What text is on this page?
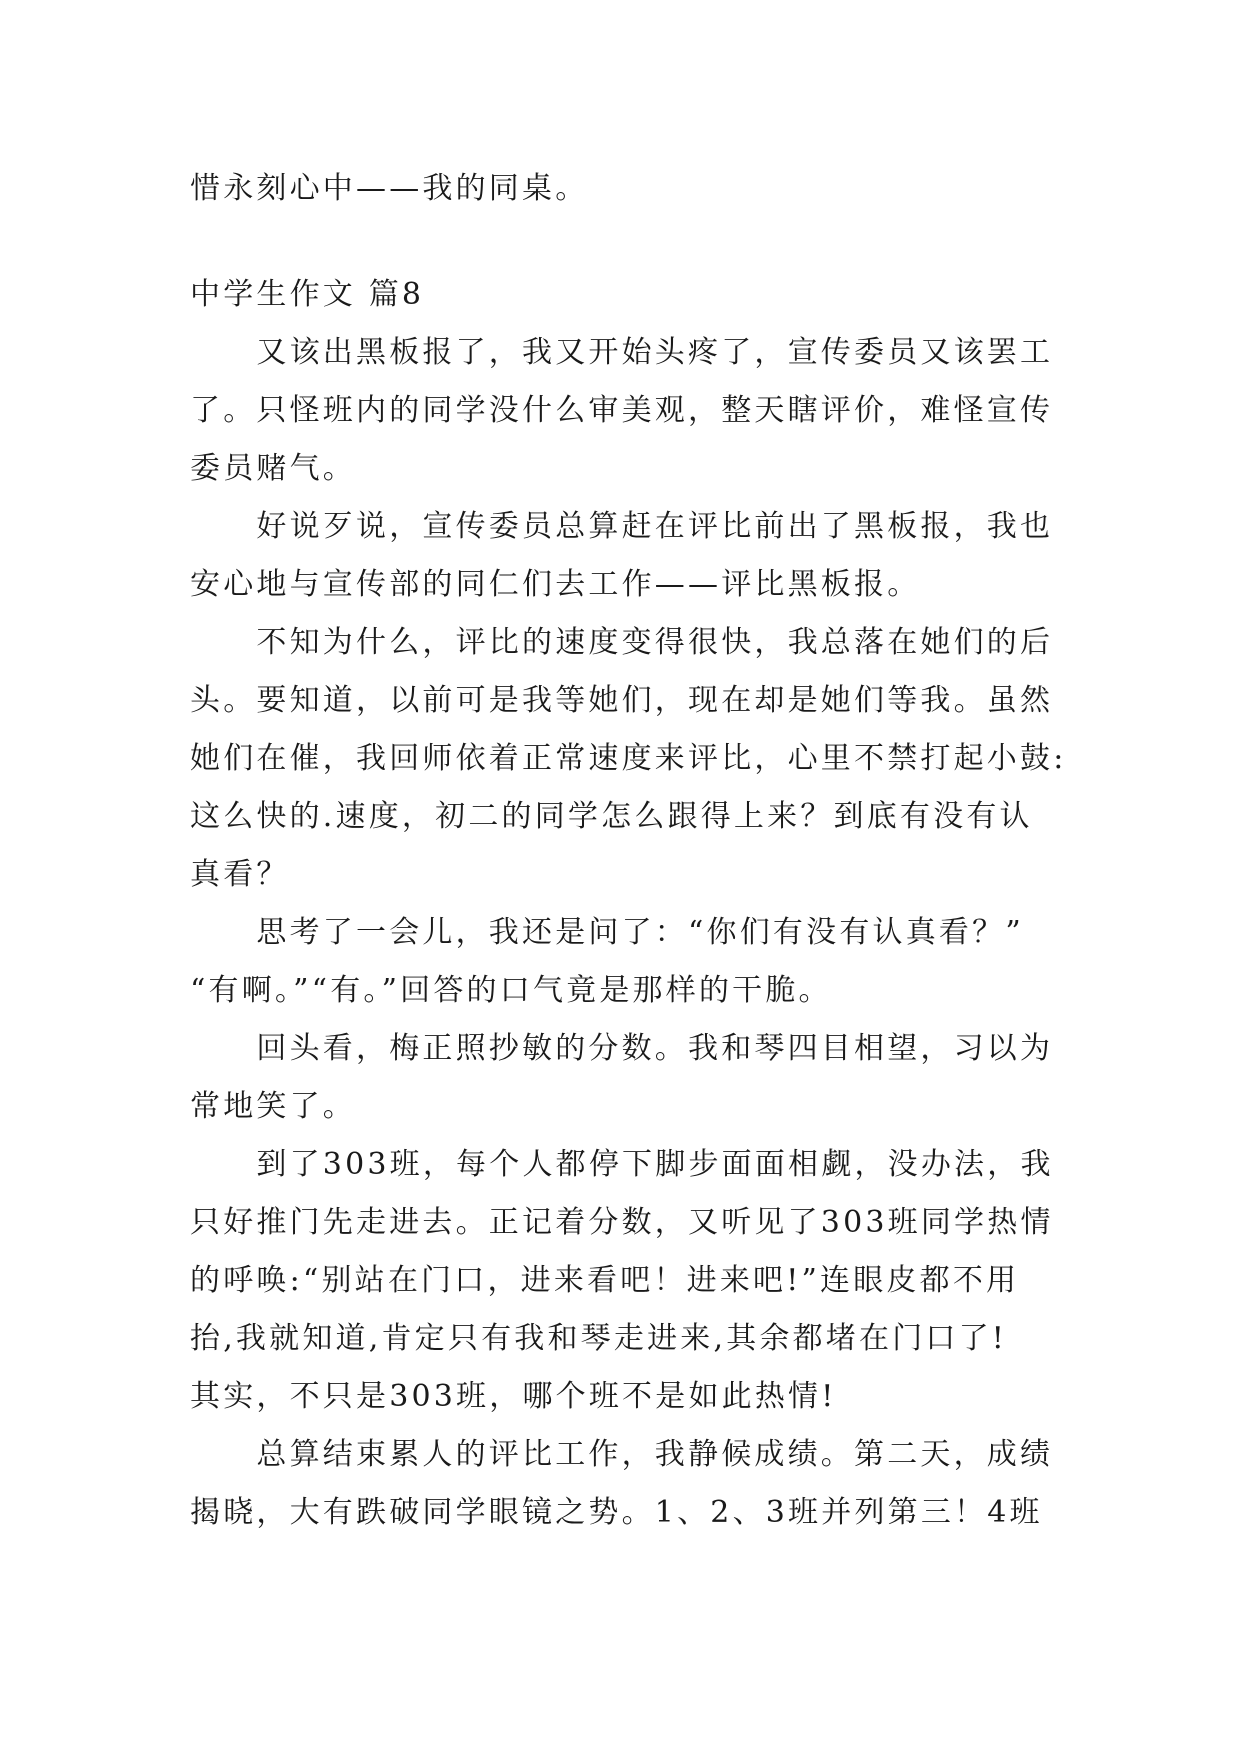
惜永刻心中——我的同桌。
中学生作文 篇8
　　又该出黑板报了，我又开始头疼了，宣传委员又该罢工
了。只怪班内的同学没什么审美观，整天瞎评价，难怪宣传
委员赌气。
　　好说歹说，宣传委员总算赶在评比前出了黑板报，我也
安心地与宣传部的同仁们去工作——评比黑板报。
　　不知为什么，评比的速度变得很快，我总落在她们的后
头。要知道，以前可是我等她们，现在却是她们等我。虽然
她们在催，我回师依着正常速度来评比，心里不禁打起小鼓:
这么快的.速度，初二的同学怎么跟得上来？到底有没有认
真看？
　　思考了一会儿，我还是问了：“你们有没有认真看？”
“有啊。”“有。”回答的口气竟是那样的干脆。
　　回头看，梅正照抄敏的分数。我和琴四目相望，习以为
常地笑了。
　　到了303班，每个人都停下脚步面面相觑，没办法，我
只好推门先走进去。正记着分数，又听见了303班同学热情
的呼唤:“别站在门口，进来看吧！进来吧!”连眼皮都不用
抬,我就知道,肯定只有我和琴走进来,其余都堵在门口了!
其实，不只是303班，哪个班不是如此热情!
　　总算结束累人的评比工作，我静候成绩。第二天，成绩
揭晓，大有跌破同学眼镜之势。1、2、3班并列第三！4班
